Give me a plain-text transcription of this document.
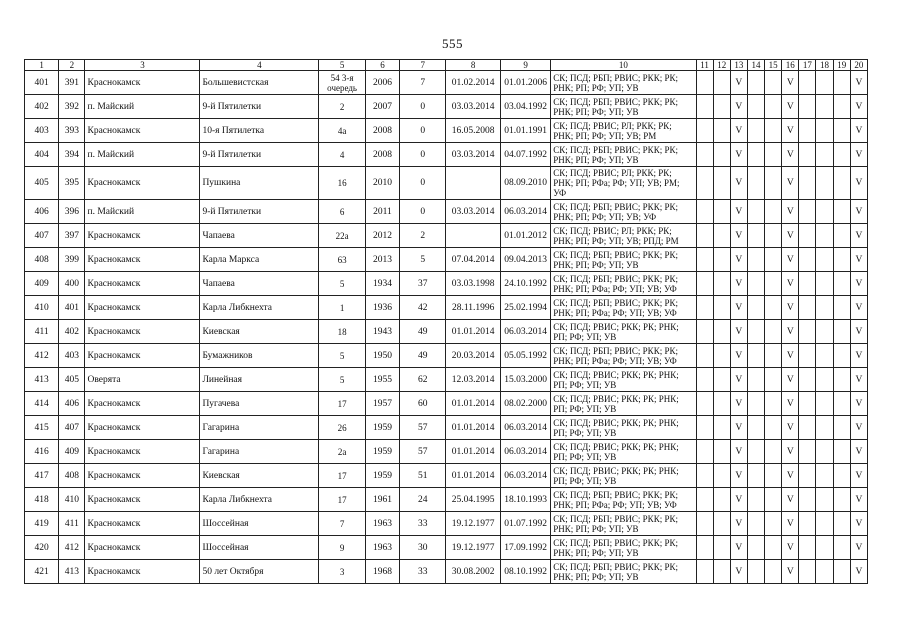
555
1	2	3	4	5	6	7	8	9	10	11	12	13	14	15	16	17	18	19	20
401	391	Краснокамск	Большевистская	54 3-я очередь	2006	7	01.02.2014	01.01.2006	СК; ПСД; РБП; РВИС; РКК; РК; РНК; РП; РФ; УП; УВ			V			V				V
402	392	п. Майский	9-й Пятилетки	2	2007	0	03.03.2014	03.04.1992	СК; ПСД; РБП; РВИС; РКК; РК; РНК; РП; РФ; УП; УВ			V			V				V
403	393	Краснокамск	10-я Пятилетка	4а	2008	0	16.05.2008	01.01.1991	СК; ПСД; РВИС; РЛ; РКК; РК; РНК; РП; РФ; УП; УВ; РМ			V			V				V
404	394	п. Майский	9-й Пятилетки	4	2008	0	03.03.2014	04.07.1992	СК; ПСД; РБП; РВИС; РКК; РК; РНК; РП; РФ; УП; УВ			V			V				V
405	395	Краснокамск	Пушкина	16	2010	0		08.09.2010	СК; ПСД; РВИС; РЛ; РКК; РК; РНК; РП; РФа; РФ; УП; УВ; РМ; УФ			V			V				V
406	396	п. Майский	9-й Пятилетки	6	2011	0	03.03.2014	06.03.2014	СК; ПСД; РБП; РВИС; РКК; РК; РНК; РП; РФ; УП; УВ; УФ			V			V				V
407	397	Краснокамск	Чапаева	22а	2012	2		01.01.2012	СК; ПСД; РВИС; РЛ; РКК; РК; РНК; РП; РФ; УП; УВ; РПД; РМ			V			V				V
408	399	Краснокамск	Карла Маркса	63	2013	5	07.04.2014	09.04.2013	СК; ПСД; РБП; РВИС; РКК; РК; РНК; РП; РФ; УП; УВ			V			V				V
409	400	Краснокамск	Чапаева	5	1934	37	03.03.1998	24.10.1992	СК; ПСД; РБП; РВИС; РКК; РК; РНК; РП; РФа; РФ; УП; УВ; УФ			V			V				V
410	401	Краснокамск	Карла Либкнехта	1	1936	42	28.11.1996	25.02.1994	СК; ПСД; РБП; РВИС; РКК; РК; РНК; РП; РФа; РФ; УП; УВ; УФ			V			V				V
411	402	Краснокамск	Киевская	18	1943	49	01.01.2014	06.03.2014	СК; ПСД; РВИС; РКК; РК; РНК; РП; РФ; УП; УВ			V			V				V
412	403	Краснокамск	Бумажников	5	1950	49	20.03.2014	05.05.1992	СК; ПСД; РБП; РВИС; РКК; РК; РНК; РП; РФа; РФ; УП; УВ; УФ			V			V				V
413	405	Оверята	Линейная	5	1955	62	12.03.2014	15.03.2000	СК; ПСД; РВИС; РКК; РК; РНК; РП; РФ; УП; УВ			V			V				V
414	406	Краснокамск	Пугачева	17	1957	60	01.01.2014	08.02.2000	СК; ПСД; РВИС; РКК; РК; РНК; РП; РФ; УП; УВ			V			V				V
415	407	Краснокамск	Гагарина	26	1959	57	01.01.2014	06.03.2014	СК; ПСД; РВИС; РКК; РК; РНК; РП; РФ; УП; УВ			V			V				V
416	409	Краснокамск	Гагарина	2а	1959	57	01.01.2014	06.03.2014	СК; ПСД; РВИС; РКК; РК; РНК; РП; РФ; УП; УВ			V			V				V
417	408	Краснокамск	Киевская	17	1959	51	01.01.2014	06.03.2014	СК; ПСД; РВИС; РКК; РК; РНК; РП; РФ; УП; УВ			V			V				V
418	410	Краснокамск	Карла Либкнехта	17	1961	24	25.04.1995	18.10.1993	СК; ПСД; РБП; РВИС; РКК; РК; РНК; РП; РФа; РФ; УП; УВ; УФ			V			V				V
419	411	Краснокамск	Шоссейная	7	1963	33	19.12.1977	01.07.1992	СК; ПСД; РБП; РВИС; РКК; РК; РНК; РП; РФ; УП; УВ			V			V				V
420	412	Краснокамск	Шоссейная	9	1963	30	19.12.1977	17.09.1992	СК; ПСД; РБП; РВИС; РКК; РК; РНК; РП; РФ; УП; УВ			V			V				V
421	413	Краснокамск	50 лет Октября	3	1968	33	30.08.2002	08.10.1992	СК; ПСД; РБП; РВИС; РКК; РК; РНК; РП; РФ; УП; УВ			V			V				V
